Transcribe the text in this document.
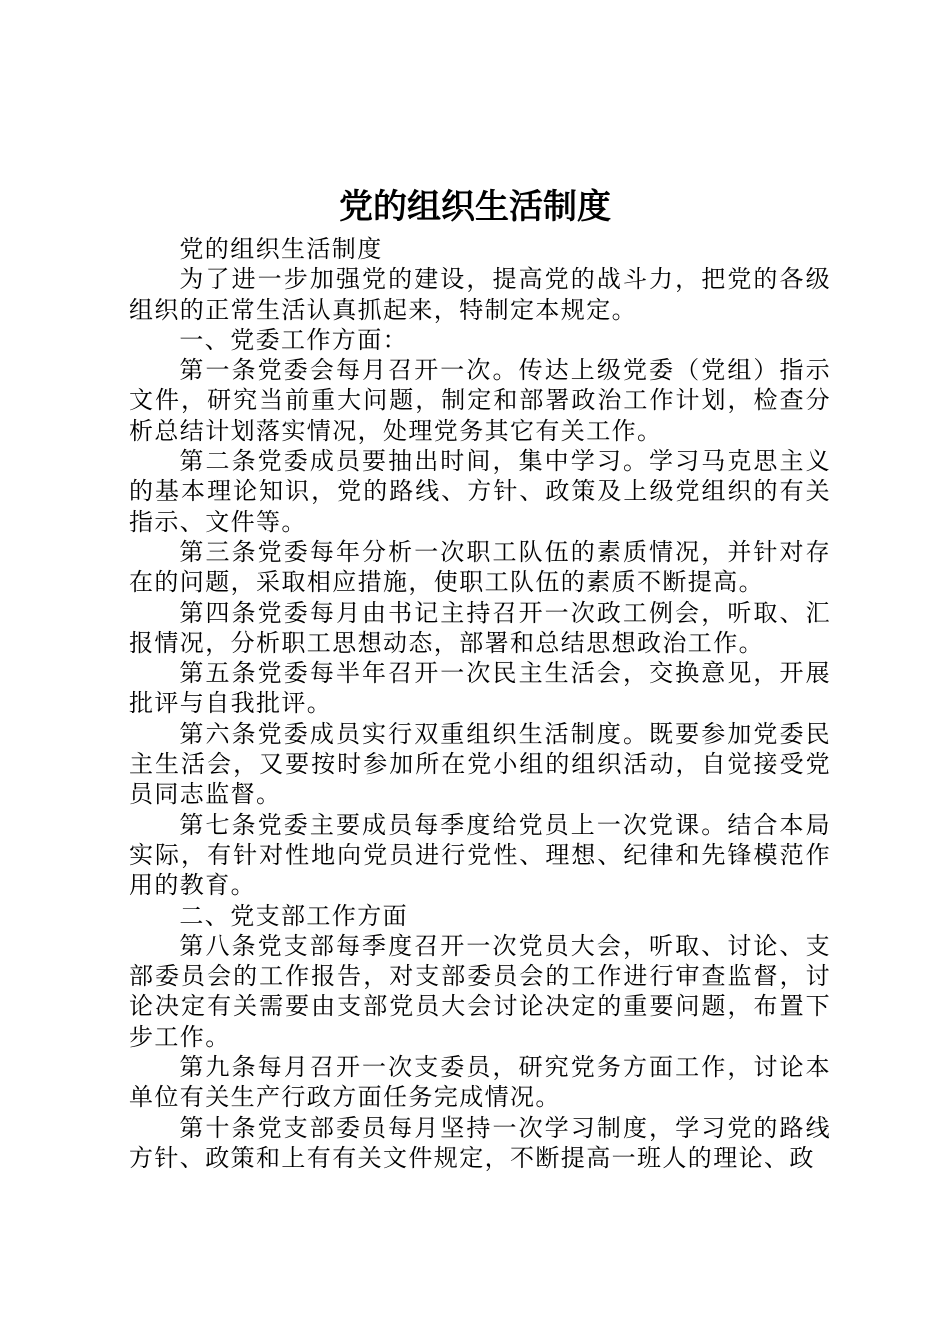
党的组织生活制度

党的组织生活制度

为了进一步加强党的建设，提高党的战斗力，把党的各级组织的正常生活认真抓起来，特制定本规定。

一、党委工作方面：

第一条党委会每月召开一次。传达上级党委（党组）指示文件，研究当前重大问题，制定和部署政治工作计划，检查分析总结计划落实情况，处理党务其它有关工作。

第二条党委成员要抽出时间，集中学习。学习马克思主义的基本理论知识，党的路线、方针、政策及上级党组织的有关指示、文件等。

第三条党委每年分析一次职工队伍的素质情况，并针对存在的问题，采取相应措施，使职工队伍的素质不断提高。

第四条党委每月由书记主持召开一次政工例会，听取、汇报情况，分析职工思想动态，部署和总结思想政治工作。

第五条党委每半年召开一次民主生活会，交换意见，开展批评与自我批评。

第六条党委成员实行双重组织生活制度。既要参加党委民主生活会，又要按时参加所在党小组的组织活动，自觉接受党员同志监督。

第七条党委主要成员每季度给党员上一次党课。结合本局实际，有针对性地向党员进行党性、理想、纪律和先锋模范作用的教育。

二、党支部工作方面

第八条党支部每季度召开一次党员大会，听取、讨论、支部委员会的工作报告，对支部委员会的工作进行审查监督，讨论决定有关需要由支部党员大会讨论决定的重要问题，布置下步工作。

第九条每月召开一次支委员，研究党务方面工作，讨论本单位有关生产行政方面任务完成情况。

第十条党支部委员每月坚持一次学习制度，学习党的路线方针、政策和上有有关文件规定，不断提高一班人的理论、政
